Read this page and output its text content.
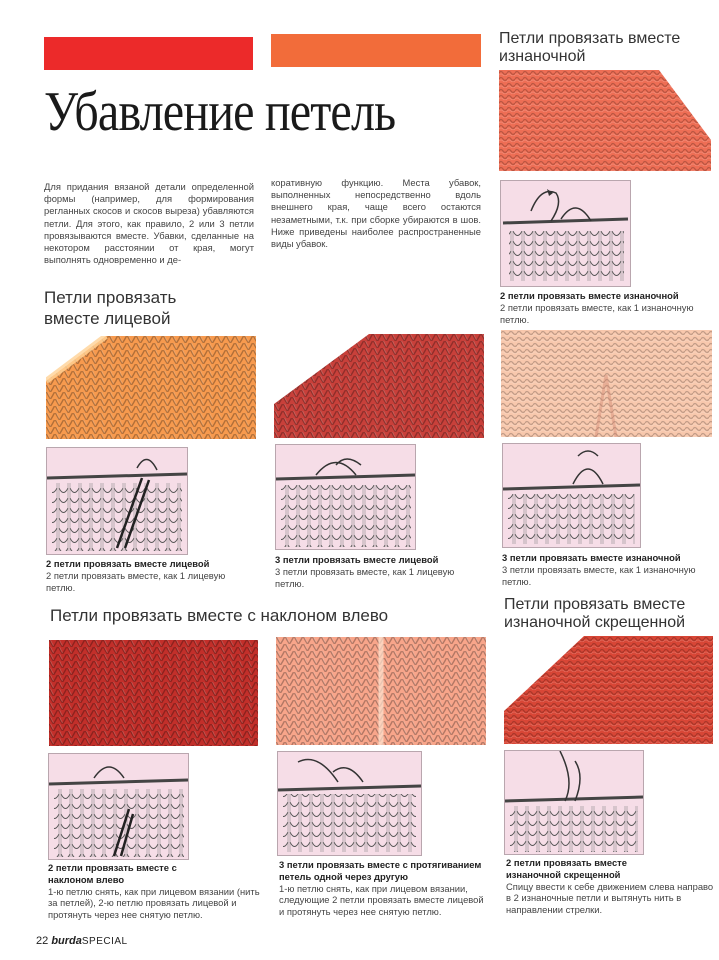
Убавление петель
Для придания вязаной детали определенной формы (например, для формирования регланных скосов и скосов выреза) убавляются петли. Для этого, как правило, 2 или 3 петли провязываются вместе. Убавки, сделанные на некотором расстоянии от края, могут выполнять одновременно и де-
коративную функцию. Места убавок, выполненных непосредственно вдоль внешнего края, чаще всего остаются незаметными, т.к. при сборке убираются в шов. Ниже приведены наиболее распространенные виды убавок.
Петли провязать вместе изнаночной
2 петли провязать вместе изнаночной
2 петли провязать вместе, как 1 изнаночную петлю.
Петли провязать вместе лицевой
2 петли провязать вместе лицевой
2 петли провязать вместе, как 1 лицевую петлю.
3 петли провязать вместе лицевой
3 петли провязать вместе, как 1 лицевую петлю.
3 петли провязать вместе изнаночной
3 петли провязать вместе, как 1 изнаночную петлю.
Петли провязать вместе с наклоном влево
Петли провязать вместе изнаночной скрещенной
2 петли провязать вместе с наклоном влево
1-ю петлю снять, как при лицевом вязании (нить за петлей), 2-ю петлю провязать лицевой и протянуть через нее снятую петлю.
3 петли провязать вместе с протягиванием петель одной через другую
1-ю петлю снять, как при лицевом вязании, следующие 2 петли провязать вместе лицевой и протянуть через нее снятую петлю.
2 петли провязать вместе изнаночной скрещенной
Спицу ввести к себе движением слева направо в 2 изнаночные петли и вытянуть нить в направлении стрелки.
22 burdaSPECIAL
